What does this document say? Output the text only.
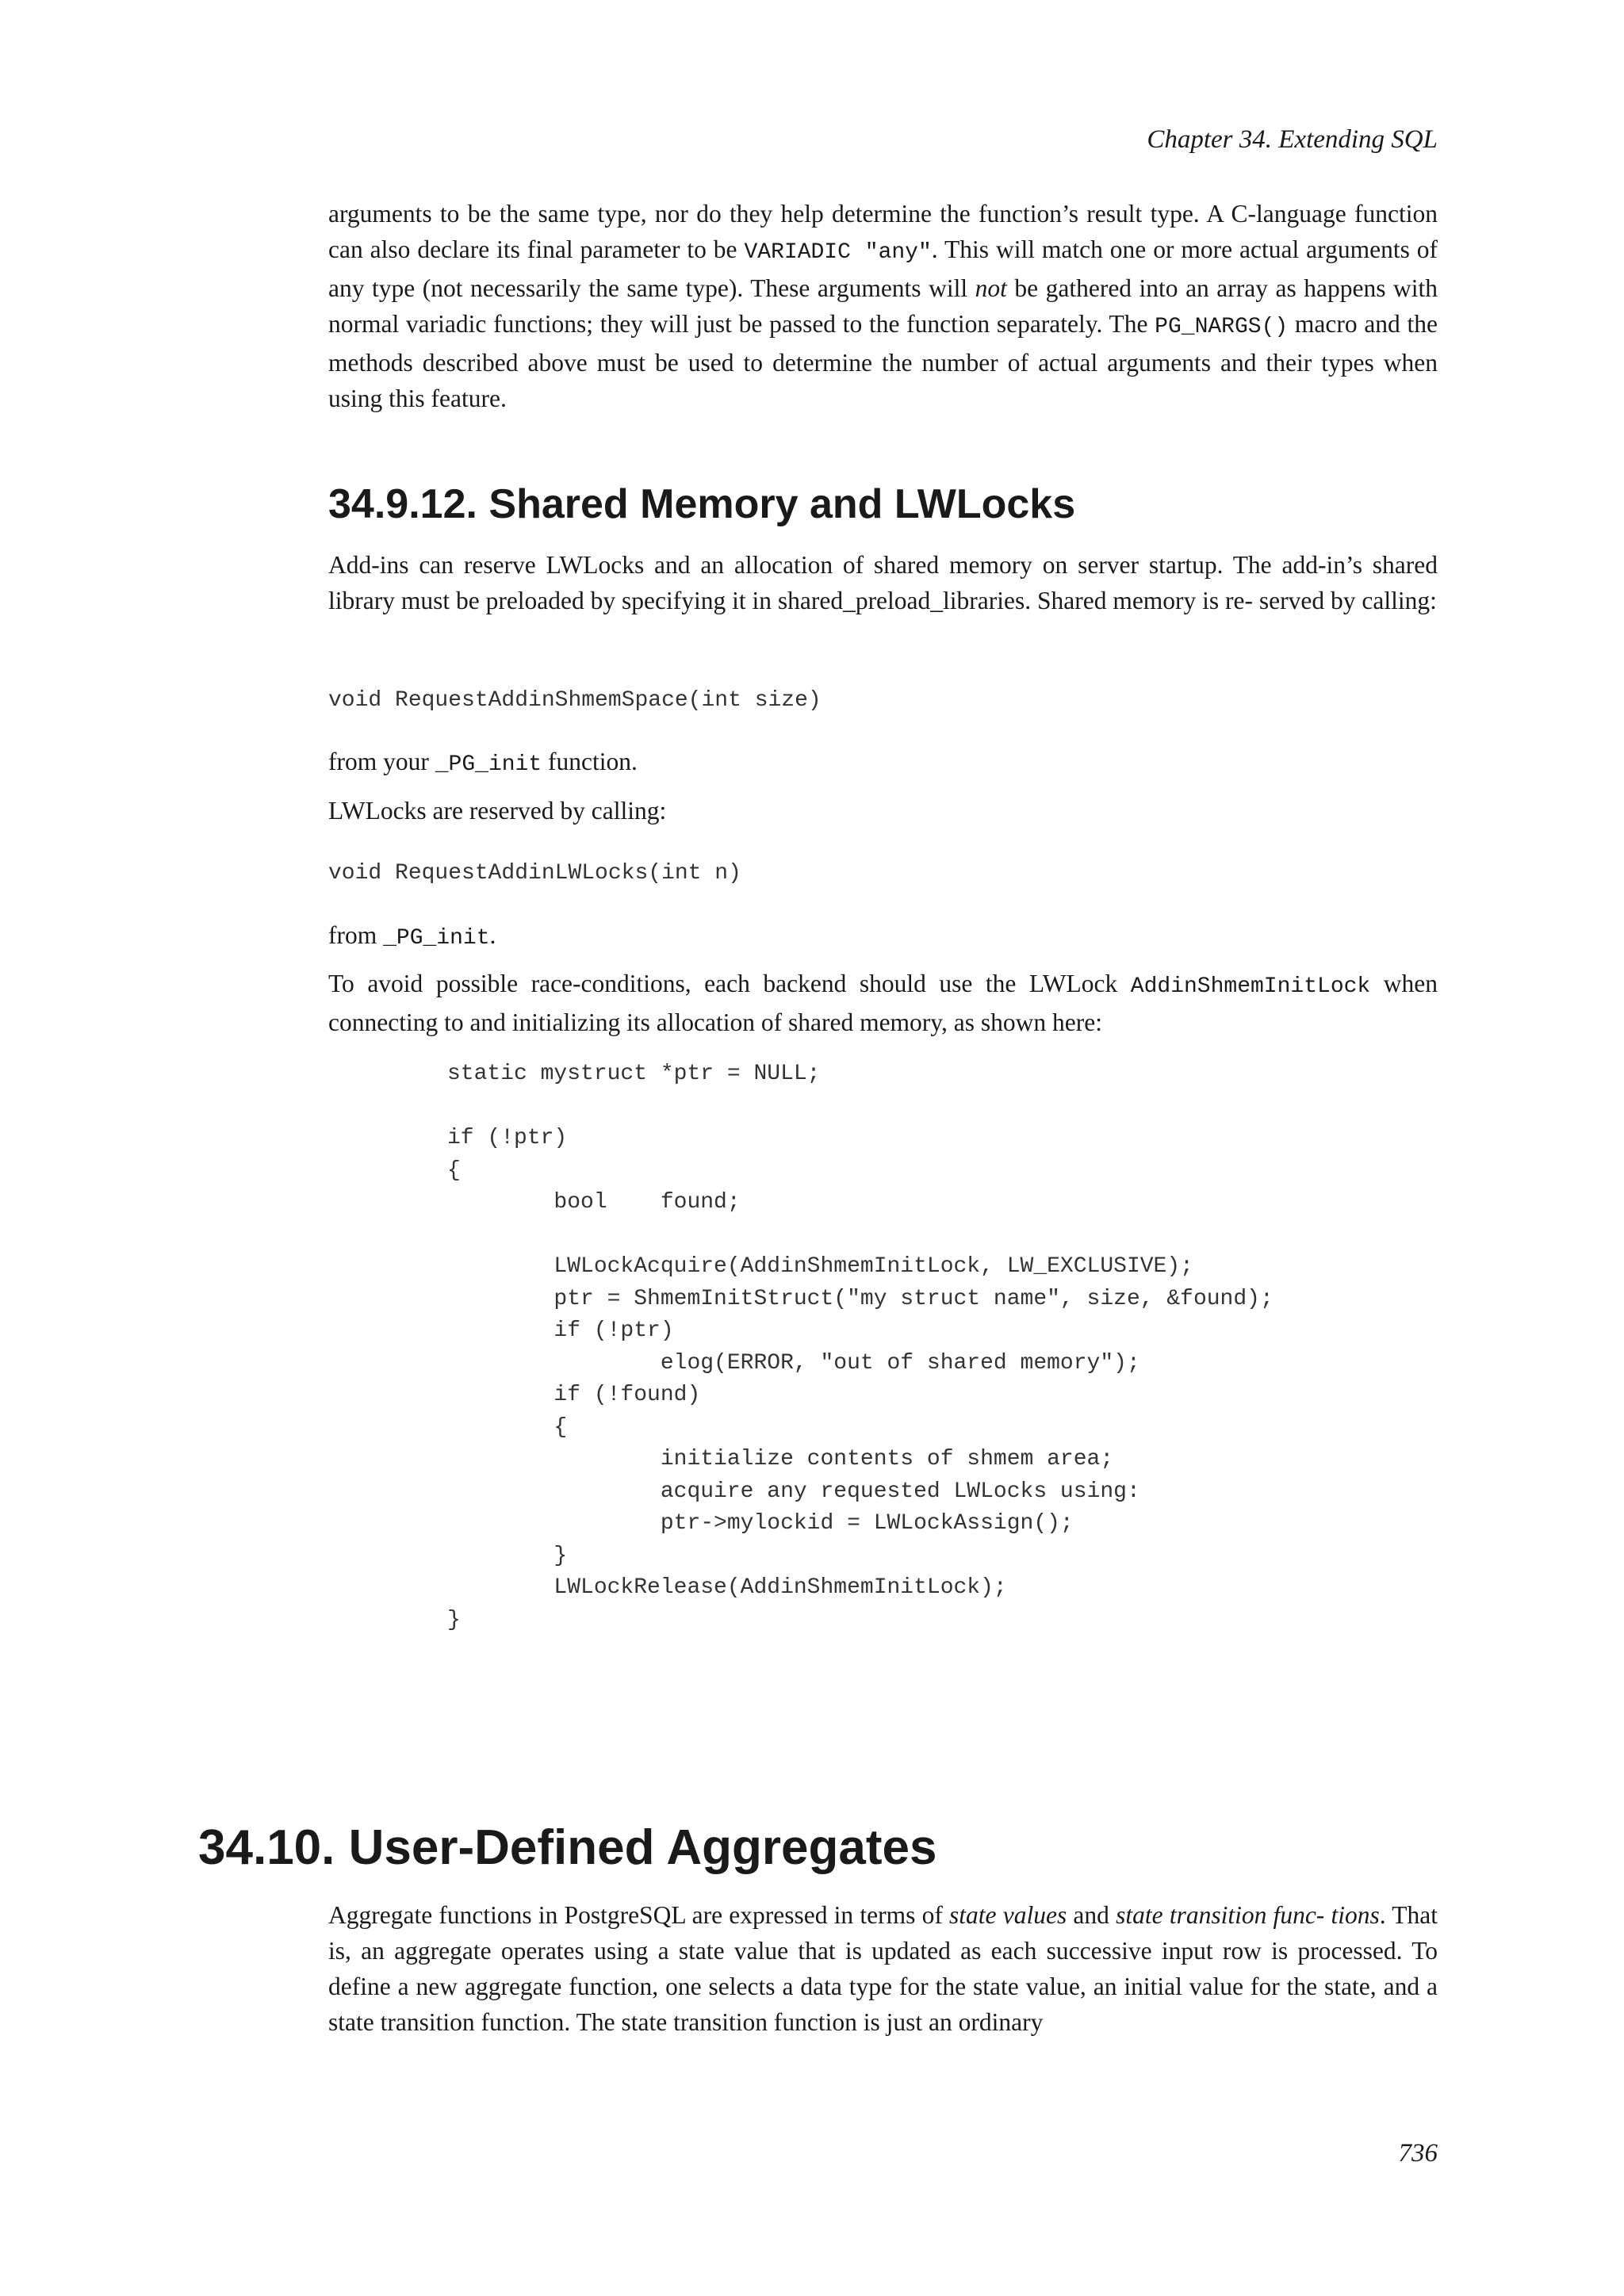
Chapter 34. Extending SQL

arguments to be the same type, nor do they help determine the function’s result type. A C-language function can also declare its final parameter to be VARIADIC "any". This will match one or more actual arguments of any type (not necessarily the same type). These arguments will not be gathered into an array as happens with normal variadic functions; they will just be passed to the function separately. The PG_NARGS() macro and the methods described above must be used to determine the number of actual arguments and their types when using this feature.

34.9.12. Shared Memory and LWLocks

Add-ins can reserve LWLocks and an allocation of shared memory on server startup. The add-in’s shared library must be preloaded by specifying it in shared_preload_libraries. Shared memory is re- served by calling:

void RequestAddinShmemSpace(int size)

from your _PG_init function.

LWLocks are reserved by calling:

void RequestAddinLWLocks(int n)

from _PG_init.

To avoid possible race-conditions, each backend should use the LWLock AddinShmemInitLock when connecting to and initializing its allocation of shared memory, as shown here:

static mystruct *ptr = NULL;

if (!ptr)
{
bool    found;

LWLockAcquire(AddinShmemInitLock, LW_EXCLUSIVE);
ptr = ShmemInitStruct("my struct name", size, &found);
if (!ptr)
elog(ERROR, "out of shared memory");
if (!found)
{
initialize contents of shmem area;
acquire any requested LWLocks using:
ptr->mylockid = LWLockAssign();
}
LWLockRelease(AddinShmemInitLock);
}
34.10. User-Defined Aggregates

Aggregate functions in PostgreSQL are expressed in terms of state values and state transition func- tions. That is, an aggregate operates using a state value that is updated as each successive input row is processed. To define a new aggregate function, one selects a data type for the state value, an initial value for the state, and a state transition function. The state transition function is just an ordinary

736
